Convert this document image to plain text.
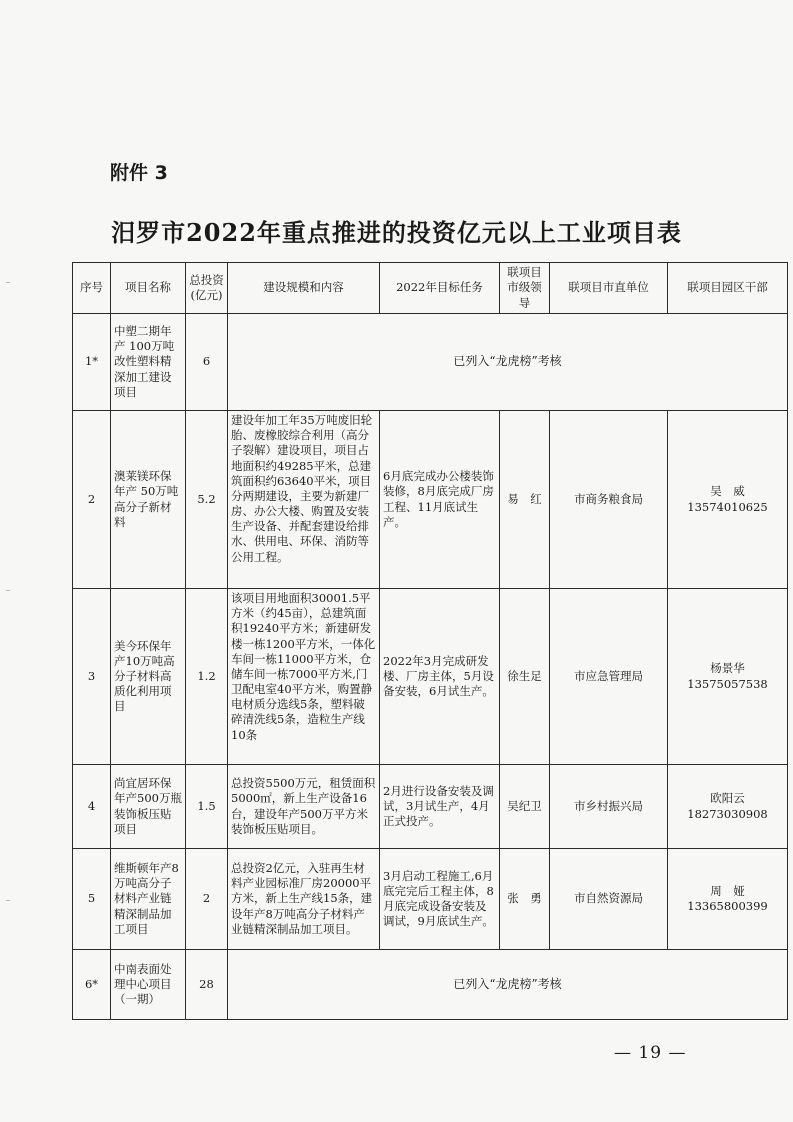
附件 3
汨罗市2022年重点推进的投资亿元以上工业项目表
序号	项目名称	总投资(亿元)	建设规模和内容	2022年目标任务	联项目市级领导	联项目市直单位	联项目园区干部
1*	中塑二期年产 100万吨改性塑料精深加工建设项目	6	已列入“龙虎榜”考核				
2	澳莱镁环保年产 50万吨高分子新材料	5.2	建设年加工年35万吨废旧轮胎、废橡胶综合利用（高分子裂解）建设项目，项目占地面积约49285平米，总建筑面积约63640平米，项目分两期建设，主要为新建厂房、办公大楼、购置及安装生产设备、并配套建设给排水、供用电、环保、消防等公用工程。	6月底完成办公楼装饰装修，8月底完成厂房工程、11月底试生产。	易　红	市商务粮食局	吴　威 13574010625
3	美今环保年产10万吨高分子材料高质化利用项目	1.2	该项目用地面积30001.5平方米（约45亩），总建筑面积19240平方米；新建研发楼一栋1200平方米，一体化车间一栋11000平方米，仓储车间一栋7000平方米,门卫配电室40平方米，购置静电材质分选线5条，塑料破碎清洗线5条，造粒生产线10条	2022年3月完成研发楼、厂房主体，5月设备安装，6月试生产。	徐生足	市应急管理局	杨景华 13575057538
4	尚宜居环保年产500万瓶装饰板压贴项目	1.5	总投资5500万元，租赁面积5000㎡，新上生产设备16台，建设年产500万平方米装饰板压贴项目。	2月进行设备安装及调试，3月试生产，4月正式投产。	吴纪卫	市乡村振兴局	欧阳云 18273030908
5	维斯顿年产8万吨高分子材料产业链精深制品加工项目	2	总投资2亿元，入驻再生材料产业园标准厂房20000平方米，新上生产线15条，建设年产8万吨高分子材料产业链精深制品加工项目。	3月启动工程施工,6月底完完后工程主体，8月底完成设备安装及调试，9月底试生产。	张　勇	市自然资源局	周　娅 13365800399
6*	中南表面处理中心项目（一期）	28	已列入“龙虎榜”考核				
— 19 —
